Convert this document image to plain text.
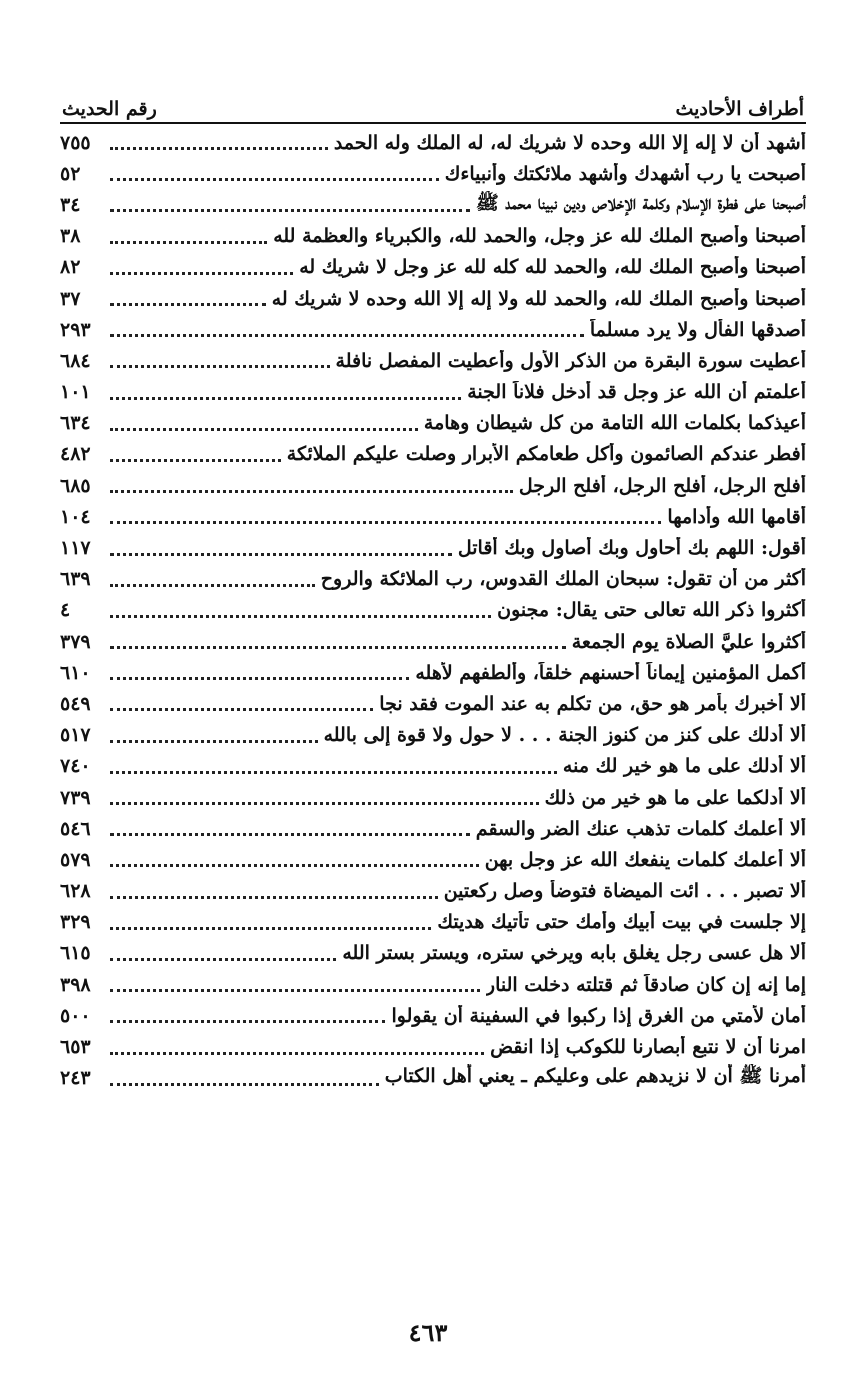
أطراف الأحاديث
رقم الحديث
أشهد أن لا إله إلا الله وحده لا شريك له، له الملك وله الحمد
٧٥٥
أصبحت يا رب أشهدك وأشهد ملائكتك وأنبياءك
٥٢
أصبحنا على فطرة الإسلام وكلمة الإخلاص ودين نبينا محمد ﷺ
٣٤
أصبحنا وأصبح الملك لله عز وجل، والحمد لله، والكبرياء والعظمة لله
٣٨
أصبحنا وأصبح الملك لله، والحمد لله كله لله عز وجل لا شريك له
٨٢
أصبحنا وأصبح الملك لله، والحمد لله ولا إله إلا الله وحده لا شريك له
٣٧
أصدقها الفأل ولا يرد مسلماً
٢٩٣
أعطيت سورة البقرة من الذكر الأول وأعطيت المفصل نافلة
٦٨٤
أعلمتم أن الله عز وجل قد أدخل فلاناً الجنة
١٠١
أعيذكما بكلمات الله التامة من كل شيطان وهامة
٦٣٤
أفطر عندكم الصائمون وأكل طعامكم الأبرار وصلت عليكم الملائكة
٤٨٢
أفلح الرجل، أفلح الرجل، أفلح الرجل
٦٨٥
أقامها الله وأدامها
١٠٤
أقول: اللهم بك أحاول وبك أصاول وبك أقاتل
١١٧
أكثر من أن تقول: سبحان الملك القدوس، رب الملائكة والروح
٦٣٩
أكثروا ذكر الله تعالى حتى يقال: مجنون
٤
أكثروا عليَّ الصلاة يوم الجمعة
٣٧٩
أكمل المؤمنين إيماناً أحسنهم خلقاً، وألطفهم لأهله
٦١٠
ألا أخبرك بأمر هو حق، من تكلم به عند الموت فقد نجا
٥٤٩
ألا أدلك على كنز من كنوز الجنة . . . لا حول ولا قوة إلى بالله
٥١٧
ألا أدلك على ما هو خير لك منه
٧٤٠
ألا أدلكما على ما هو خير من ذلك
٧٣٩
ألا أعلمك كلمات تذهب عنك الضر والسقم
٥٤٦
ألا أعلمك كلمات ينفعك الله عز وجل بهن
٥٧٩
ألا تصبر . . . ائت الميضاة فتوضأ وصل ركعتين
٦٢٨
إلا جلست في بيت أبيك وأمك حتى تأتيك هديتك
٣٢٩
ألا هل عسى رجل يغلق بابه ويرخي ستره، ويستر بستر الله
٦١٥
إما إنه إن كان صادقاً ثم قتلته دخلت النار
٣٩٨
أمان لأمتي من الغرق إذا ركبوا في السفينة أن يقولوا
٥٠٠
امرنا أن لا نتبع أبصارنا للكوكب إذا انقض
٦٥٣
أمرنا ﷺ أن لا نزيدهم على وعليكم ـ يعني أهل الكتاب
٢٤٣
٤٦٣
